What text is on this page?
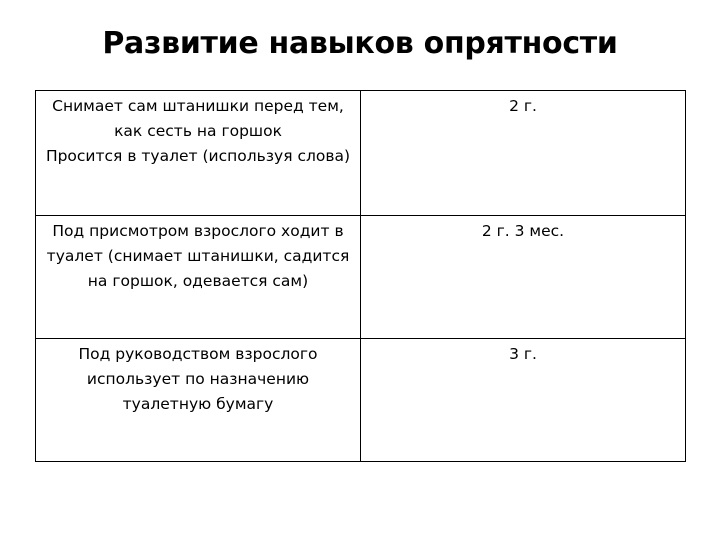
Развитие навыков опрятности
Снимает сам штанишки перед тем,
как сесть на горшок
Просится в туалет (используя слова)	2 г.

Под присмотром взрослого ходит в
туалет (снимает штанишки, садится
на горшок, одевается сам)	2 г. 3 мес.

Под руководством взрослого
использует по назначению
туалетную бумагу	3 г.
